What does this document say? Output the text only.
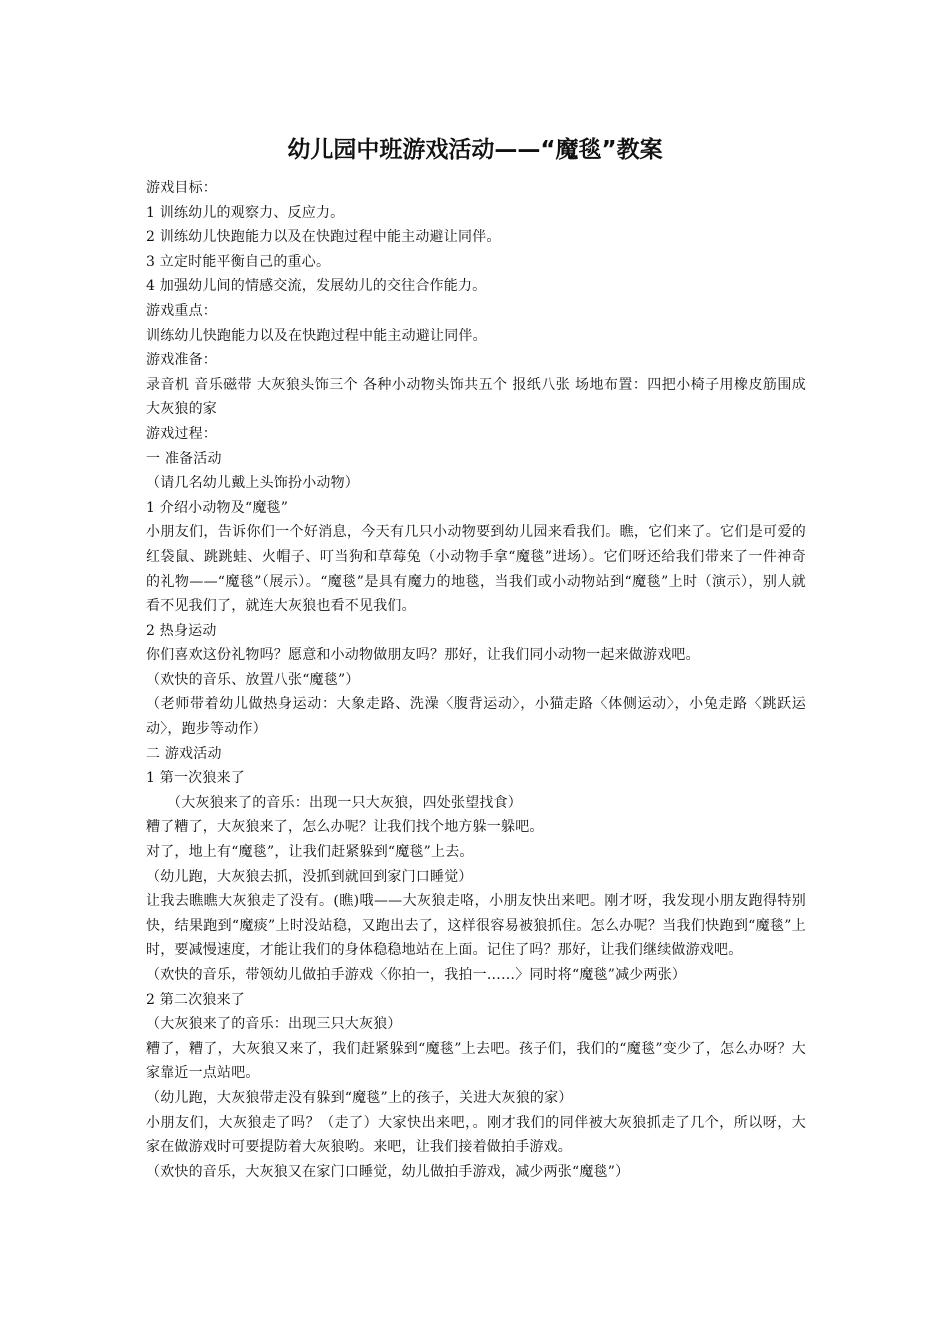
幼儿园中班游戏活动——“魔毯”教案

游戏目标：

1 训练幼儿的观察力、反应力。

2 训练幼儿快跑能力以及在快跑过程中能主动避让同伴。

3 立定时能平衡自己的重心。

4 加强幼儿间的情感交流，发展幼儿的交往合作能力。

游戏重点：

训练幼儿快跑能力以及在快跑过程中能主动避让同伴。

游戏准备：

录音机 音乐磁带 大灰狼头饰三个 各种小动物头饰共五个 报纸八张 场地布置：四把小椅子用橡皮筋围成大灰狼的家

游戏过程：

一 准备活动

（请几名幼儿戴上头饰扮小动物）

1 介绍小动物及“魔毯”

小朋友们，告诉你们一个好消息，今天有几只小动物要到幼儿园来看我们。瞧，它们来了。它们是可爱的红袋鼠、跳跳蛙、火帽子、叮当狗和草莓兔（小动物手拿“魔毯”进场）。它们呀还给我们带来了一件神奇的礼物——“魔毯”（展示）。“魔毯”是具有魔力的地毯，当我们或小动物站到“魔毯”上时（演示），别人就看不见我们了，就连大灰狼也看不见我们。

2 热身运动

你们喜欢这份礼物吗？愿意和小动物做朋友吗？那好，让我们同小动物一起来做游戏吧。

（欢快的音乐、放置八张“魔毯”）

（老师带着幼儿做热身运动：大象走路、洗澡〈腹背运动〉，小猫走路〈体侧运动〉，小兔走路〈跳跃运动〉，跑步等动作）

二 游戏活动

1 第一次狼来了

（大灰狼来了的音乐：出现一只大灰狼，四处张望找食）

糟了糟了，大灰狼来了，怎么办呢？让我们找个地方躲一躲吧。

对了，地上有“魔毯”，让我们赶紧躲到“魔毯”上去。

（幼儿跑，大灰狼去抓，没抓到就回到家门口睡觉）

让我去瞧瞧大灰狼走了没有。(瞧)哦——大灰狼走咯，小朋友快出来吧。刚才呀，我发现小朋友跑得特别快，结果跑到“魔痰”上时没站稳，又跑出去了，这样很容易被狼抓住。怎么办呢？当我们快跑到“魔毯”上时，要减慢速度，才能让我们的身体稳稳地站在上面。记住了吗？那好，让我们继续做游戏吧。

（欢快的音乐，带领幼儿做拍手游戏〈你拍一，我拍一……〉同时将“魔毯”减少两张）

2 第二次狼来了

（大灰狼来了的音乐：出现三只大灰狼）

糟了，糟了，大灰狼又来了，我们赶紧躲到“魔毯”上去吧。孩子们，我们的“魔毯”变少了，怎么办呀？大家靠近一点站吧。

（幼儿跑，大灰狼带走没有躲到“魔毯”上的孩子，关进大灰狼的家）

小朋友们，大灰狼走了吗？（走了）大家快出来吧，。刚才我们的同伴被大灰狼抓走了几个，所以呀，大家在做游戏时可要提防着大灰狼哟。来吧，让我们接着做拍手游戏。

（欢快的音乐，大灰狼又在家门口睡觉，幼儿做拍手游戏，减少两张“魔毯”）
